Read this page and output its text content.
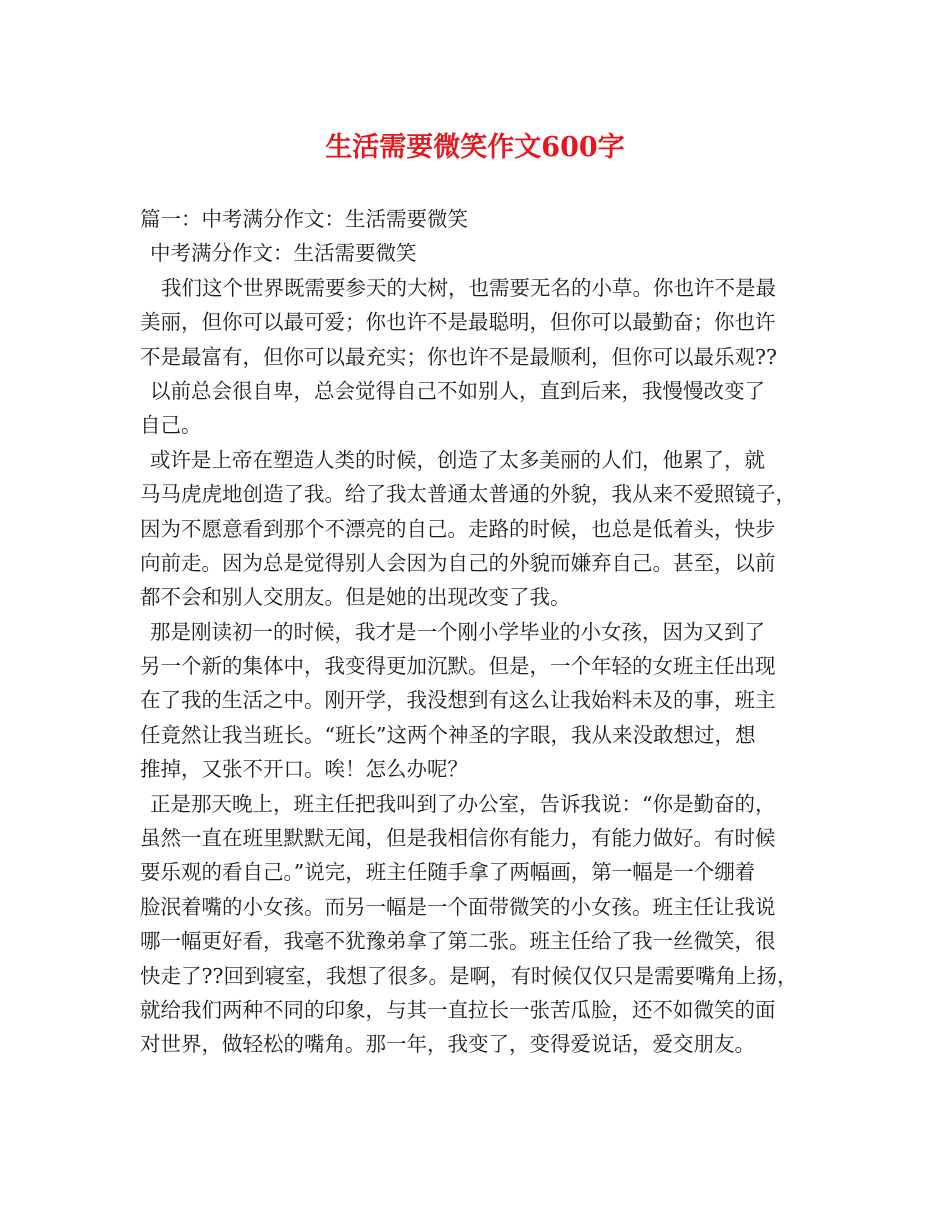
生活需要微笑作文600字
篇一：中考满分作文：生活需要微笑
中考满分作文：生活需要微笑
我们这个世界既需要参天的大树，也需要无名的小草。你也许不是最
美丽，但你可以最可爱；你也许不是最聪明，但你可以最勤奋；你也许
不是最富有，但你可以最充实；你也许不是最顺利，但你可以最乐观??
以前总会很自卑，总会觉得自己不如别人，直到后来，我慢慢改变了
自己。
或许是上帝在塑造人类的时候，创造了太多美丽的人们，他累了，就
马马虎虎地创造了我。给了我太普通太普通的外貌，我从来不爱照镜子，
因为不愿意看到那个不漂亮的自己。走路的时候，也总是低着头，快步
向前走。因为总是觉得别人会因为自己的外貌而嫌弃自己。甚至，以前
都不会和别人交朋友。但是她的出现改变了我。
那是刚读初一的时候，我才是一个刚小学毕业的小女孩，因为又到了
另一个新的集体中，我变得更加沉默。但是，一个年轻的女班主任出现
在了我的生活之中。刚开学，我没想到有这么让我始料未及的事，班主
任竟然让我当班长。“班长”这两个神圣的字眼，我从来没敢想过，想
推掉，又张不开口。唉！怎么办呢？
正是那天晚上，班主任把我叫到了办公室，告诉我说：“你是勤奋的，
虽然一直在班里默默无闻，但是我相信你有能力，有能力做好。有时候
要乐观的看自己。”说完，班主任随手拿了两幅画，第一幅是一个绷着
脸泯着嘴的小女孩。而另一幅是一个面带微笑的小女孩。班主任让我说
哪一幅更好看，我毫不犹豫弟拿了第二张。班主任给了我一丝微笑，很
快走了??回到寝室，我想了很多。是啊，有时候仅仅只是需要嘴角上扬，
就给我们两种不同的印象，与其一直拉长一张苦瓜脸，还不如微笑的面
对世界，做轻松的嘴角。那一年，我变了，变得爱说话，爱交朋友。
